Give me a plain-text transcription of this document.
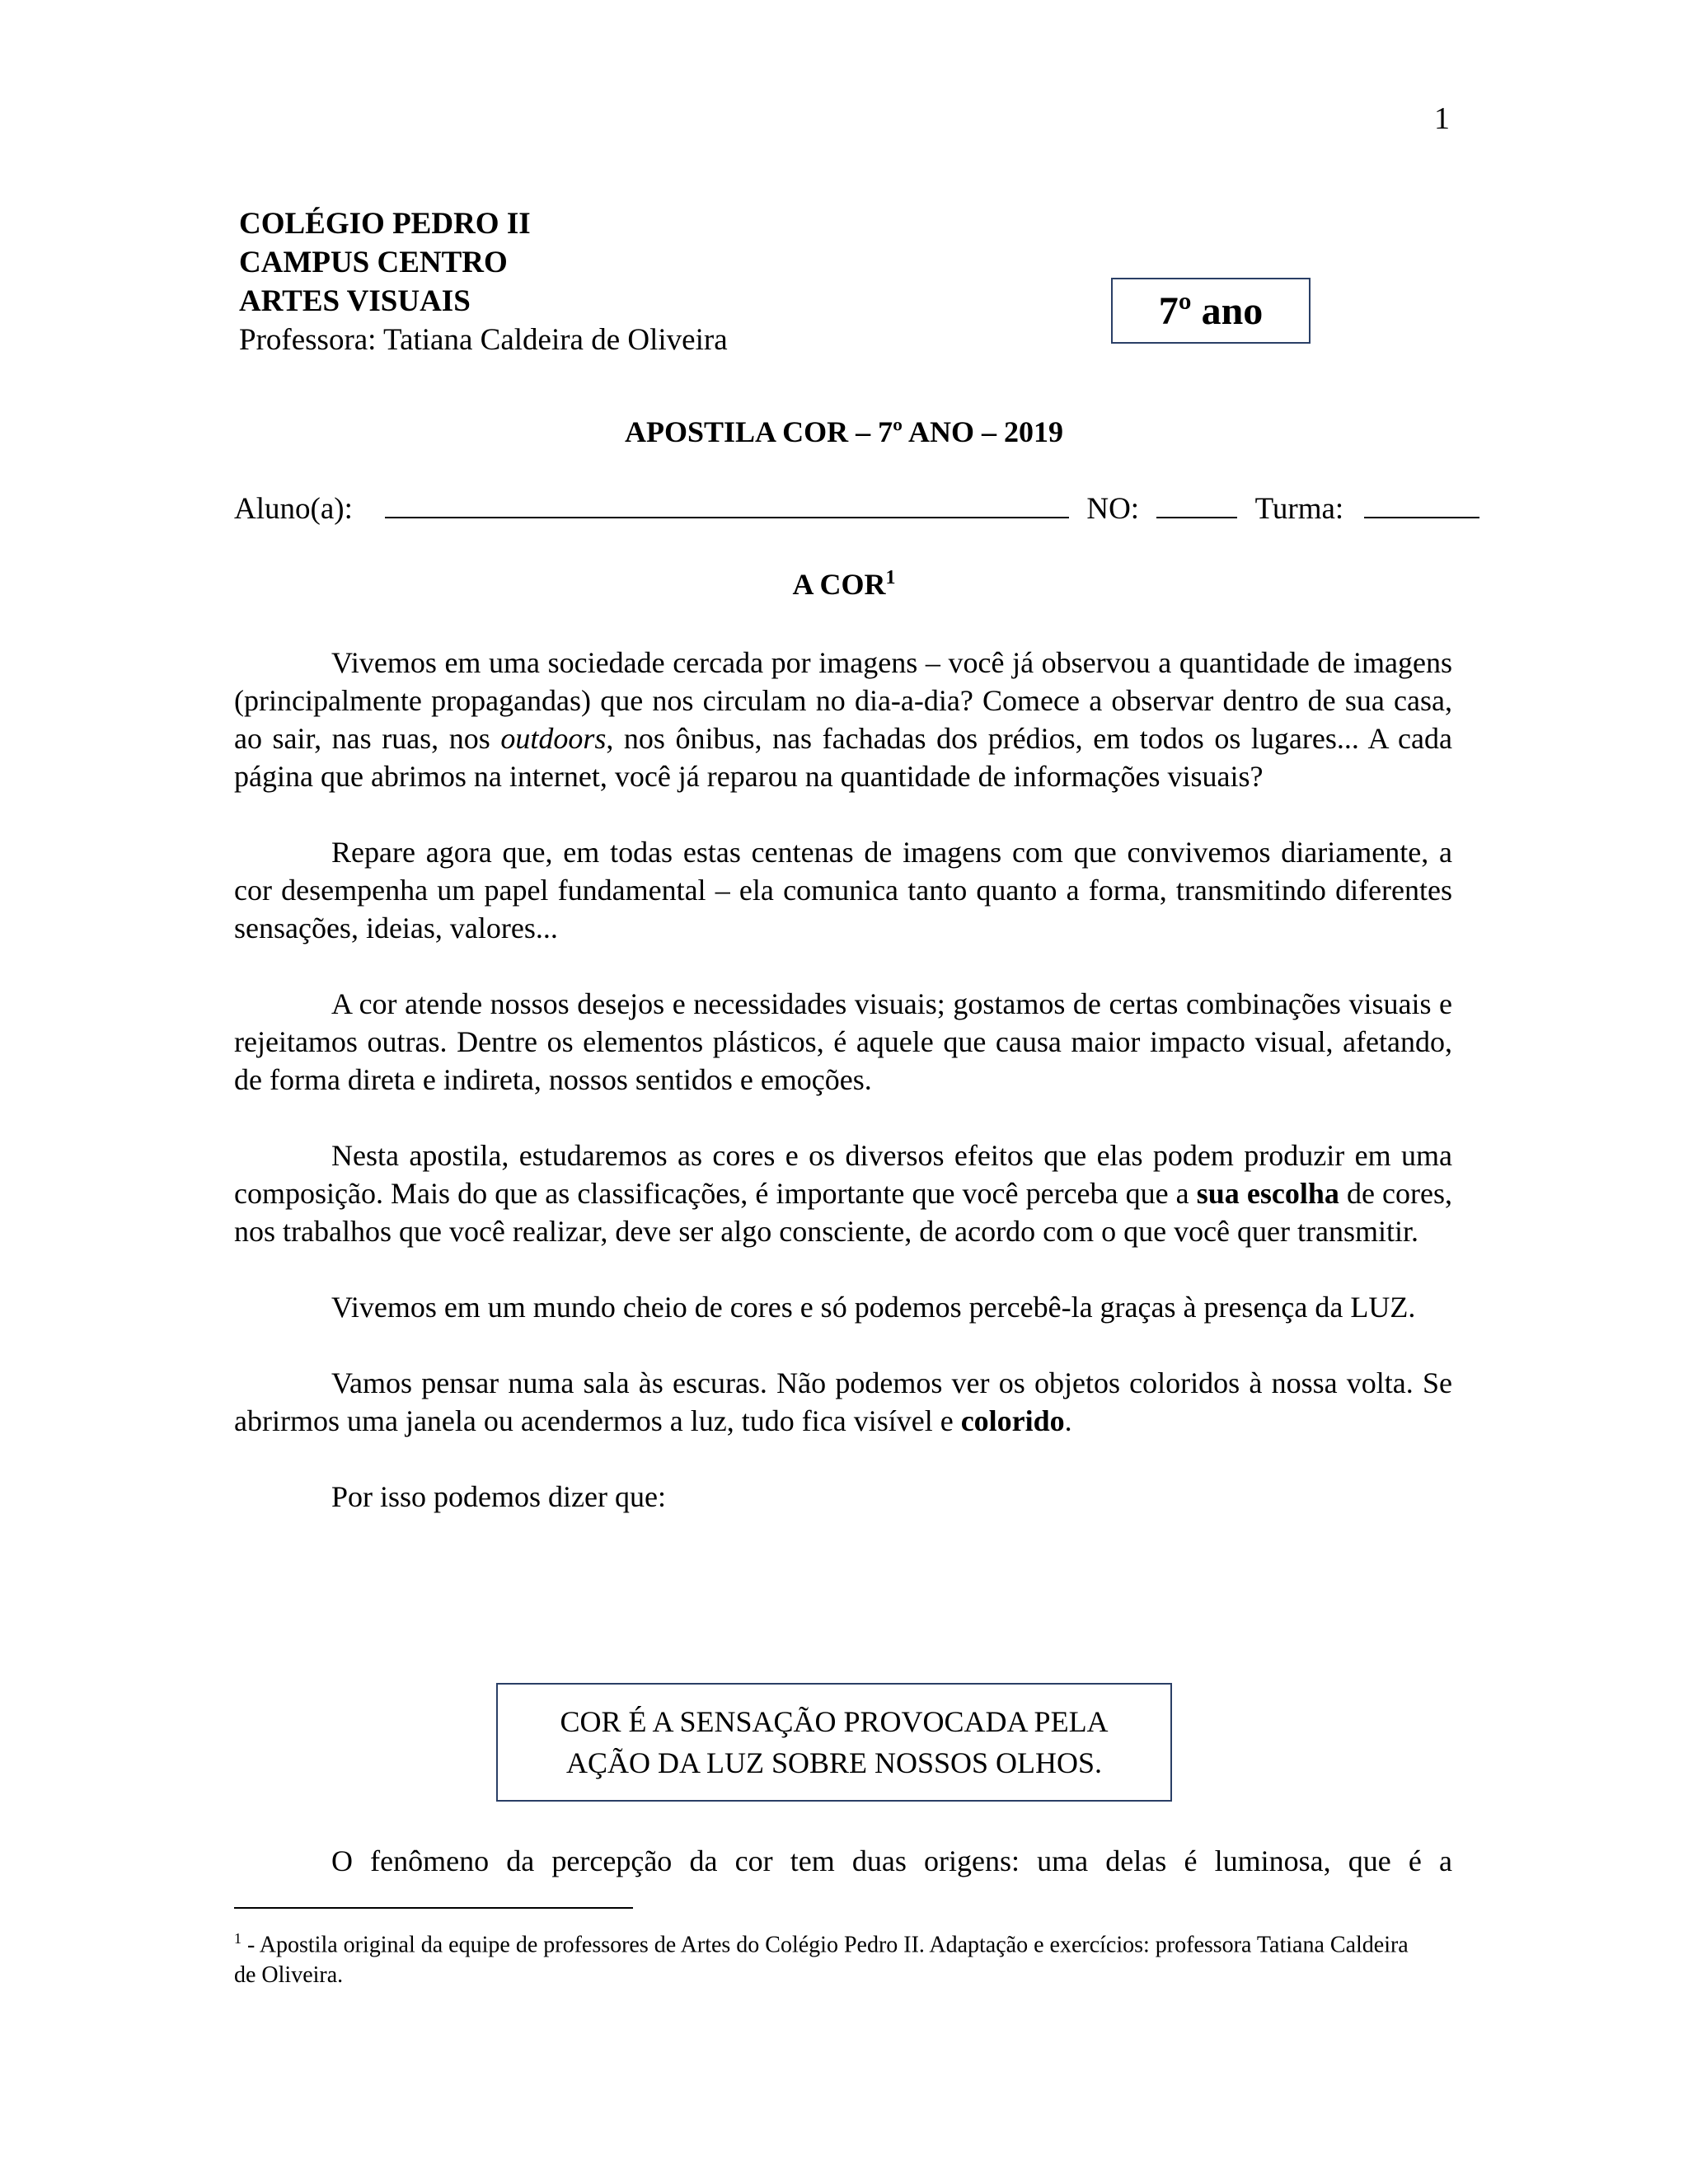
1
COLÉGIO PEDRO II
CAMPUS CENTRO
ARTES VISUAIS
Professora: Tatiana Caldeira de Oliveira
7º ano
APOSTILA COR – 7º ANO – 2019
Aluno(a):	NO:	Turma:
A COR$^1$

Vivemos em uma sociedade cercada por imagens – você já observou a quantidade de imagens (principalmente propagandas) que nos circulam no dia-a-dia? Comece a observar dentro de sua casa, ao sair, nas ruas, nos outdoors, nos ônibus, nas fachadas dos prédios, em todos os lugares... A cada página que abrimos na internet, você já reparou na quantidade de informações visuais?

Repare agora que, em todas estas centenas de imagens com que convivemos diariamente, a cor desempenha um papel fundamental – ela comunica tanto quanto a forma, transmitindo diferentes sensações, ideias, valores...

A cor atende nossos desejos e necessidades visuais; gostamos de certas combinações visuais e rejeitamos outras. Dentre os elementos plásticos, é aquele que causa maior impacto visual, afetando, de forma direta e indireta, nossos sentidos e emoções.

Nesta apostila, estudaremos as cores e os diversos efeitos que elas podem produzir em uma composição. Mais do que as classificações, é importante que você perceba que a sua escolha de cores, nos trabalhos que você realizar, deve ser algo consciente, de acordo com o que você quer transmitir.

Vivemos em um mundo cheio de cores e só podemos percebê-la graças à presença da LUZ.

Vamos pensar numa sala às escuras. Não podemos ver os objetos coloridos à nossa volta. Se abrirmos uma janela ou acendermos a luz, tudo fica visível e colorido.

Por isso podemos dizer que:

COR É A SENSAÇÃO PROVOCADA PELA
AÇÃO DA LUZ SOBRE NOSSOS OLHOS.
O fenômeno da percepção da cor tem duas origens: uma delas é luminosa, que é a
$^1$ - Apostila original da equipe de professores de Artes do Colégio Pedro II. Adaptação e exercícios: professora Tatiana Caldeira de Oliveira.
